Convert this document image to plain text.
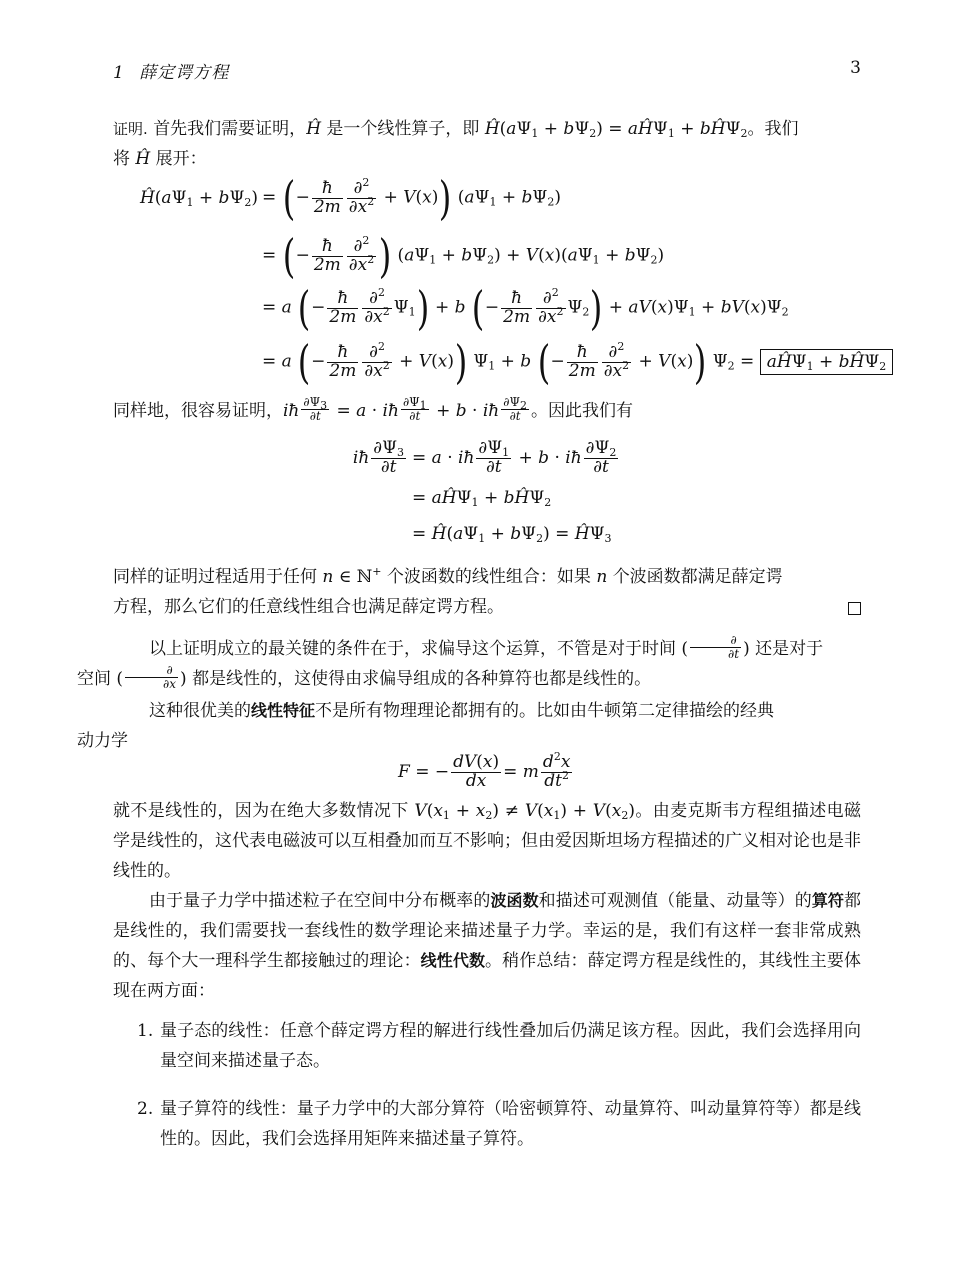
1 薛定谔方程	3
证明. 首先我们需要证明，Ĥ 是一个线性算子，即 $Ĥ(a\Psi_1 + b\Psi_2)$ = aĤΨ$_1$ + bĤΨ$_2$。我们
将 Ĥ 展开：
$Ĥ(a\Psi_1 + b\Psi_2)$ = (− $\frac{ħ}{2m} \frac{\partial^2}{\partial x^2} + V(x)$) $(a\Psi_1 + b\Psi_2)$
= (− $\frac{ħ}{2m} \frac{\partial^2}{\partial x^2}$ ) $(a\Psi_1 + b\Psi_2) + V(x)(a\Psi_1 + b\Psi_2)$
= a (− $\frac{ħ}{2m} \frac{\partial^2}{\partial x^2} \Psi_1) + b$ (− $\frac{ħ}{2m} \frac{\partial^2}{\partial x^2} \Psi_2) + aV(x)\Psi_1 + bV(x)\Psi_2$
= a (− $\frac{ħ}{2m} \frac{\partial^2}{\partial x^2} + V(x)$) $\Psi_1 + b$ (− $\frac{ħ}{2m} \frac{\partial^2}{\partial x^2} + V(x)$) $\Psi_2$ = aĤΨ$_1$ + bĤΨ$_2$
同样地，很容易证明，iħ $\frac{\partial\Psi_3}{\partial t} = a$ · iħ $\frac{\partial\Psi_1}{\partial t} + b$ · iħ $\frac{\partial\Psi_2}{\partial t}$ 。因此我们有
iħ $\frac{\partial\Psi_3}{\partial t} = a$ · iħ $\frac{\partial\Psi_1}{\partial t} + b$ · iħ $\frac{\partial\Psi_2}{\partial t}$
= aĤΨ$_1$ + bĤΨ$_2$
= $Ĥ(a\Psi_1 + b\Psi_2)$ = $Ĥ\Psi_3$
同样的证明过程适用于任何 n ∈ ℕ+ 个波函数的线性组合：如果 n 个波函数都满足薛定谔
方程，那么它们的任意线性组合也满足薛定谔方程。
以上证明成立的最关键的条件在于，求偏导这个运算，不管是对于时间 ( $\frac{\partial}{\partial t}$ ) 还是对于
空间 ( $\frac{\partial}{\partial x}$ ) 都是线性的，这使得由求偏导组成的各种算符也都是线性的。
这种很优美的线性特征不是所有物理理论都拥有的。比如由牛顿第二定律描绘的经典
动力学
F = − $\frac{dV(x)}{dx} = m \frac{d^2x}{dt^2}$
就不是线性的，因为在绝大多数情况下 $V(x_1 + x_2) \ne V(x_1) + V(x_2)$。由麦克斯韦方程组描述电磁学是线性的，这代表电磁波可以互相叠加而互不影响；但由爱因斯坦场方程描述的广义相对论也是非线性的。
由于量子力学中描述粒子在空间中分布概率的波函数和描述可观测值（能量、动量等）的算符都是线性的，我们需要找一套线性的数学理论来描述量子力学。幸运的是，我们有这样一套非常成熟的、每个大一理科学生都接触过的理论：线性代数。稍作总结：薛定谔方程是线性的，其线性主要体现在两方面：
1. 量子态的线性：任意个薛定谔方程的解进行线性叠加后仍满足该方程。因此，我们会选择用向量空间来描述量子态。
2. 量子算符的线性：量子力学中的大部分算符（哈密顿算符、动量算符、叫动量算符等）都是线性的。因此，我们会选择用矩阵来描述量子算符。
